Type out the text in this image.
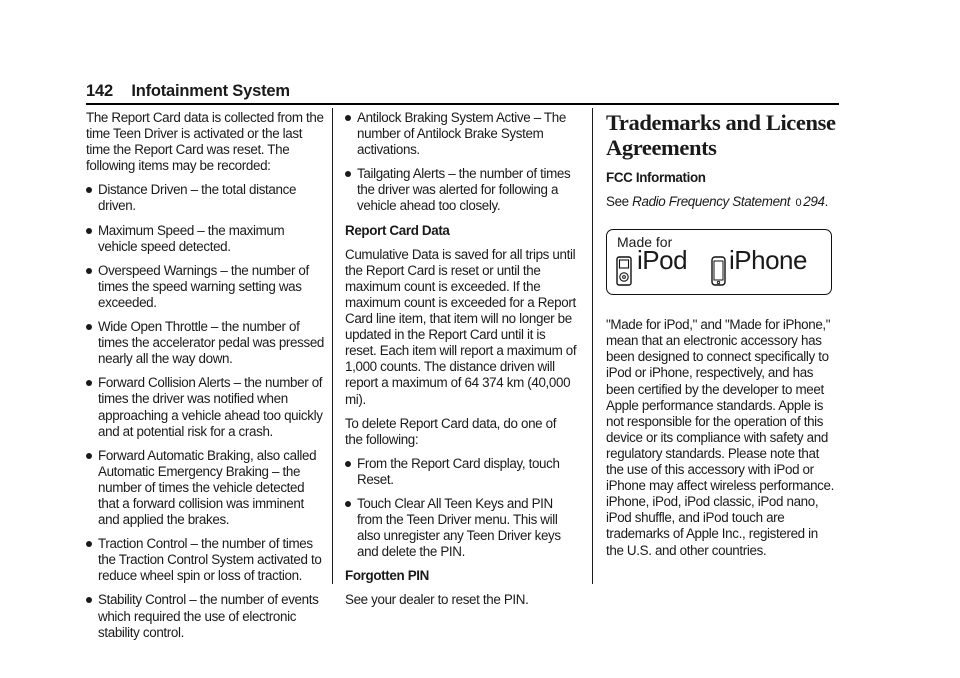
142 Infotainment System

The Report Card data is collected from the time Teen Driver is activated or the last time the Report Card was reset. The following items may be recorded:

Distance Driven – the total distance driven.
Maximum Speed – the maximum vehicle speed detected.
Overspeed Warnings – the number of times the speed warning setting was exceeded.
Wide Open Throttle – the number of times the accelerator pedal was pressed nearly all the way down.
Forward Collision Alerts – the number of times the driver was notified when approaching a vehicle ahead too quickly and at potential risk for a crash.
Forward Automatic Braking, also called Automatic Emergency Braking – the number of times the vehicle detected that a forward collision was imminent and applied the brakes.
Traction Control – the number of times the Traction Control System activated to reduce wheel spin or loss of traction.
Stability Control – the number of events which required the use of electronic stability control.
Antilock Braking System Active – The number of Antilock Brake System activations.
Tailgating Alerts – the number of times the driver was alerted for following a vehicle ahead too closely.

Report Card Data

Cumulative Data is saved for all trips until the Report Card is reset or until the maximum count is exceeded. If the maximum count is exceeded for a Report Card line item, that item will no longer be updated in the Report Card until it is reset. Each item will report a maximum of 1,000 counts. The distance driven will report a maximum of 64 374 km (40,000 mi).

To delete Report Card data, do one of the following:

From the Report Card display, touch Reset.
Touch Clear All Teen Keys and PIN from the Teen Driver menu. This will also unregister any Teen Driver keys and delete the PIN.

Forgotten PIN

See your dealer to reset the PIN.

Trademarks and License Agreements

FCC Information

See Radio Frequency Statement 0 294.

Made for
iPod iPhone

"Made for iPod," and "Made for iPhone," mean that an electronic accessory has been designed to connect specifically to iPod or iPhone, respectively, and has been certified by the developer to meet Apple performance standards. Apple is not responsible for the operation of this device or its compliance with safety and regulatory standards. Please note that the use of this accessory with iPod or iPhone may affect wireless performance. iPhone, iPod, iPod classic, iPod nano, iPod shuffle, and iPod touch are trademarks of Apple Inc., registered in the U.S. and other countries.
